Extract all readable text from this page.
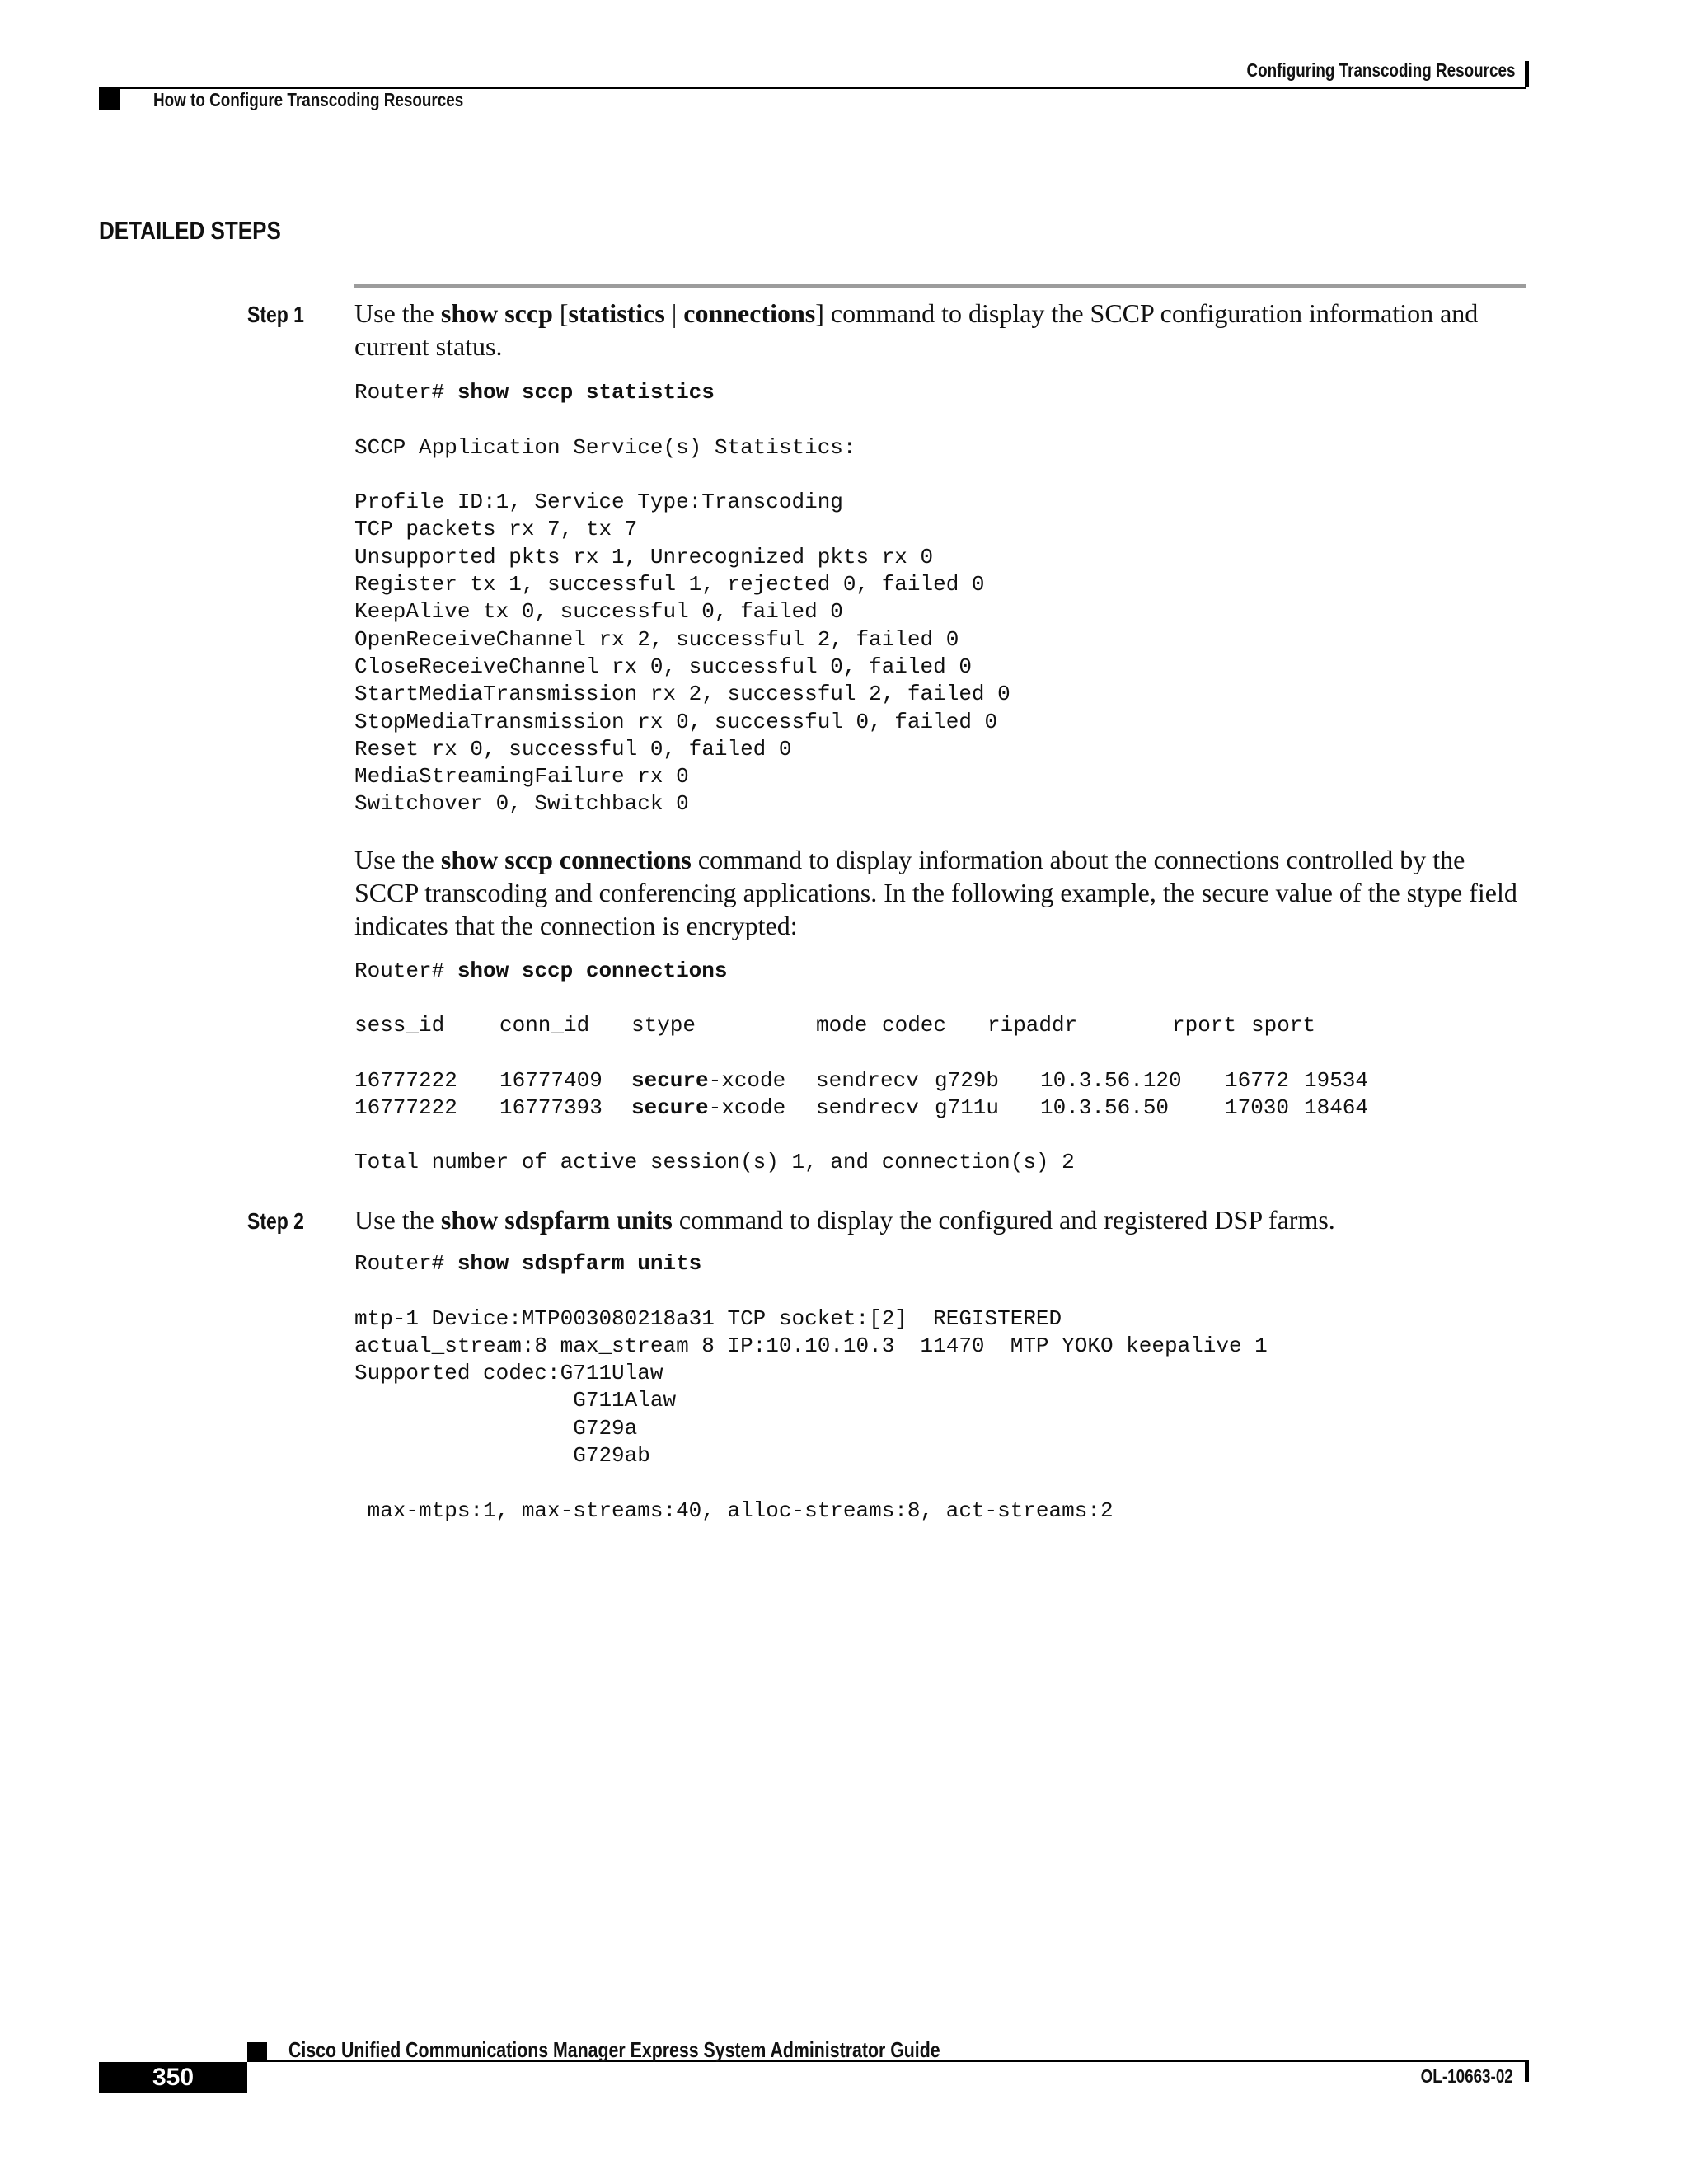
Configuring Transcoding Resources
How to Configure Transcoding Resources
DETAILED STEPS
Step 1 Use the show sccp [statistics | connections] command to display the SCCP configuration information and current status.
Router# show sccp statistics
SCCP Application Service(s) Statistics:
Profile ID:1, Service Type:Transcoding
TCP packets rx 7, tx 7
Unsupported pkts rx 1, Unrecognized pkts rx 0
Register tx 1, successful 1, rejected 0, failed 0
KeepAlive tx 0, successful 0, failed 0
OpenReceiveChannel rx 2, successful 2, failed 0
CloseReceiveChannel rx 0, successful 0, failed 0
StartMediaTransmission rx 2, successful 2, failed 0
StopMediaTransmission rx 0, successful 0, failed 0
Reset rx 0, successful 0, failed 0
MediaStreamingFailure rx 0
Switchover 0, Switchback 0
Use the show sccp connections command to display information about the connections controlled by the SCCP transcoding and conferencing applications. In the following example, the secure value of the stype field indicates that the connection is encrypted:
Router# show sccp connections
sess_id	conn_id stype	mode codec ripaddr	rport sport
16777222 16777409 secure-xcode sendrecv g729b 10.3.56.120 16772 19534
16777222 16777393 secure-xcode sendrecv g711u 10.3.56.50	17030 18464
Total number of active session(s) 1, and connection(s) 2
Step 2 Use the show sdspfarm units command to display the configured and registered DSP farms.
Router# show sdspfarm units
mtp-1 Device:MTP003080218a31 TCP socket:[2]  REGISTERED
actual_stream:8 max_stream 8 IP:10.10.10.3  11470  MTP YOKO keepalive 1
Supported codec:G711Ulaw
G711Alaw
G729a
G729ab
max-mtps:1, max-streams:40, alloc-streams:8, act-streams:2
Cisco Unified Communications Manager Express System Administrator Guide
350	OL-10663-02
